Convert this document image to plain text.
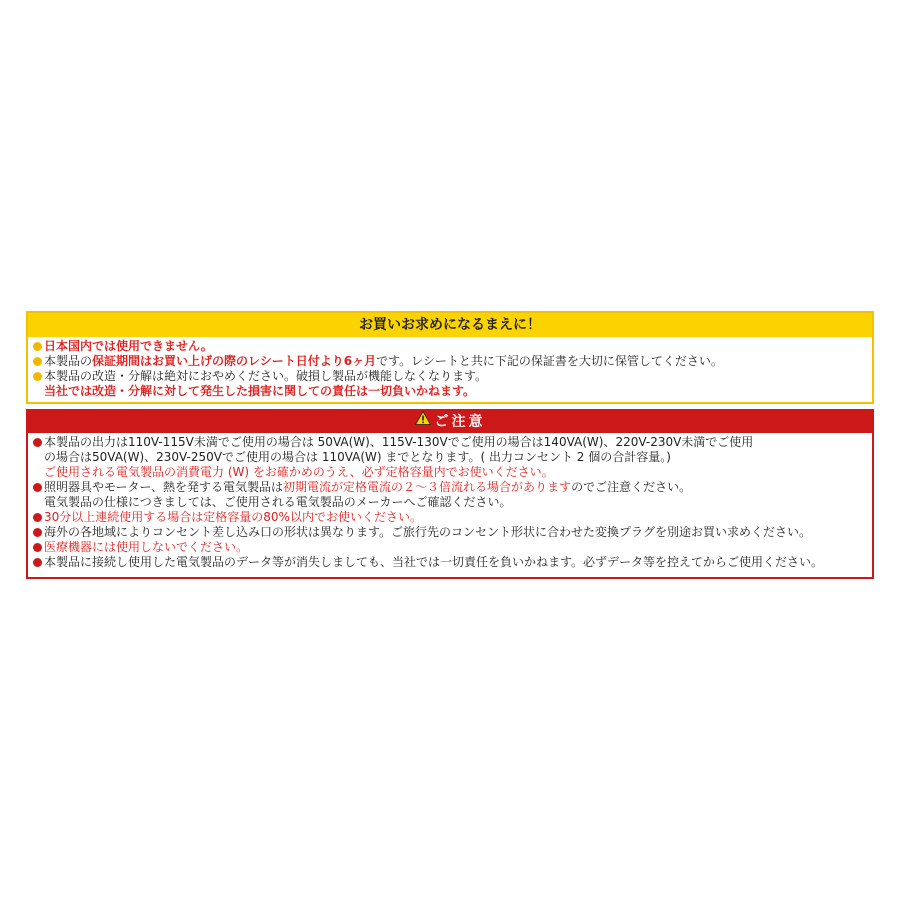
お買いお求めになるまえに！
日本国内では使用できません。
本製品の保証期間はお買い上げの際のレシート日付より6ヶ月です。レシートと共に下記の保証書を大切に保管してください。
本製品の改造・分解は絶対におやめください。破損し製品が機能しなくなります。
当社では改造・分解に対して発生した損害に関しての責任は一切負いかねます。
ご注意
本製品の出力は110V-115V未満でご使用の場合は 50VA(W)、115V-130Vでご使用の場合は140VA(W)、220V-230V未満でご使用
の場合は50VA(W)、230V-250Vでご使用の場合は 110VA(W) までとなります。( 出力コンセント 2 個の合計容量。)
ご使用される電気製品の消費電力 (W) をお確かめのうえ、必ず定格容量内でお使いください。
照明器具やモーター、熱を発する電気製品は初期電流が定格電流の２～３倍流れる場合がありますのでご注意ください。
電気製品の仕様につきましては、ご使用される電気製品のメーカーへご確認ください。
30分以上連続使用する場合は定格容量の80%以内でお使いください。
海外の各地域によりコンセント差し込み口の形状は異なります。ご旅行先のコンセント形状に合わせた変換プラグを別途お買い求めください。
医療機器には使用しないでください。
本製品に接続し使用した電気製品のデータ等が消失しましても、当社では一切責任を負いかねます。必ずデータ等を控えてからご使用ください。
